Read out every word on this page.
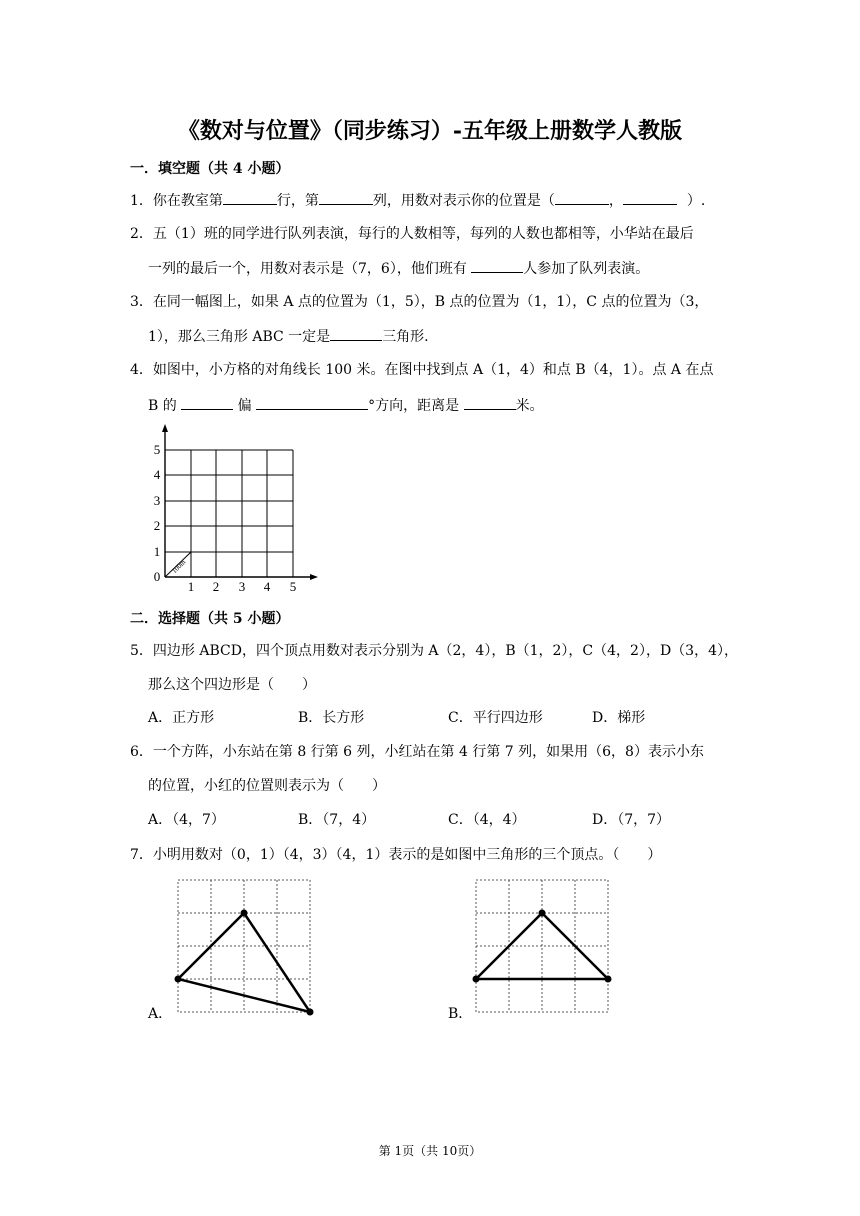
《数对与位置》（同步练习）-五年级上册数学人教版
一．填空题（共 4 小题）
1．你在教室第	行，第	列，用数对表示你的位置是（	，	）.
2．五（1）班的同学进行队列表演，每行的人数相等，每列的人数也都相等，小华站在最后
一列的最后一个，用数对表示是（7，6），他们班有	人参加了队列表演。
3．在同一幅图上，如果 A 点的位置为（1，5），B 点的位置为（1，1），C 点的位置为（3，
1），那么三角形 ABC 一定是	三角形.
4．如图中，小方格的对角线长 100 米。在图中找到点 A（1，4）和点 B（4，1）。点 A 在点
B 的	偏	°方向，距离是	米。
100m
1 2 3 4 5
0
1
2
3
4
5
二．选择题（共 5 小题）
5．四边形 ABCD，四个顶点用数对表示分别为 A（2，4），B（1，2），C（4，2），D（3，4），
那么这个四边形是（　　）
A．正方形	B．长方形	C．平行四边形	D．梯形
6．一个方阵，小东站在第 8 行第 6 列，小红站在第 4 行第 7 列，如果用（6，8）表示小东
的位置，小红的位置则表示为（　　）
A．（4，7）	B．（7，4）	C．（4，4）	D．（7，7）
7．小明用数对（0，1）（4，3）（4，1）表示的是如图中三角形的三个顶点。（　　）
A．	B．
第 1页（共 10页）
